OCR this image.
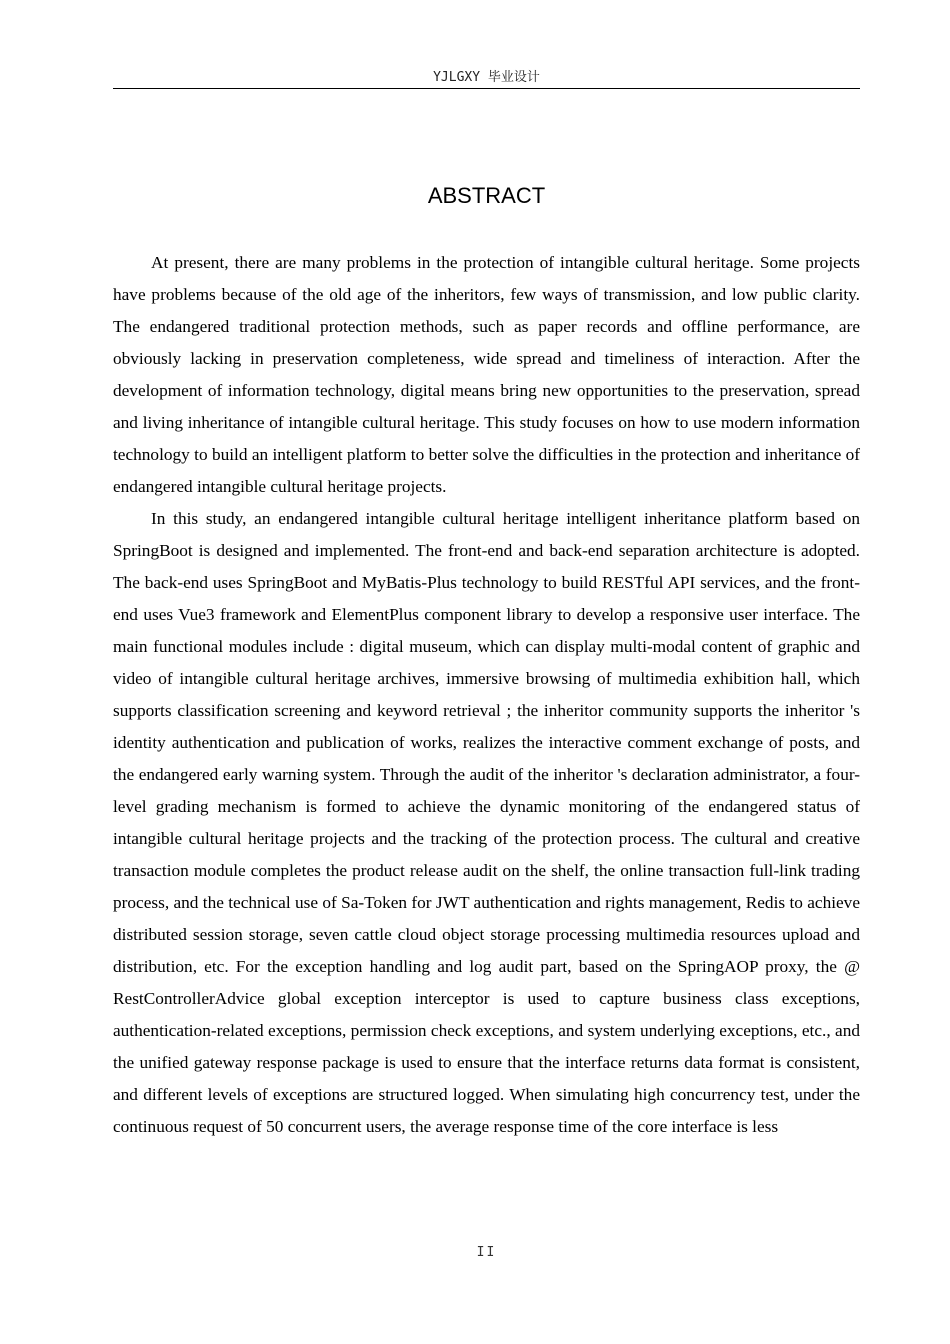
YJLGXY 毕业设计
ABSTRACT

At present, there are many problems in the protection of intangible cultural heritage. Some projects have problems because of the old age of the inheritors, few ways of transmission, and low public clarity. The endangered traditional protection methods, such as paper records and offline performance, are obviously lacking in preservation completeness, wide spread and timeliness of interaction. After the development of information technology, digital means bring new opportunities to the preservation, spread and living inheritance of intangible cultural heritage. This study focuses on how to use modern information technology to build an intelligent platform to better solve the difficulties in the protection and inheritance of endangered intangible cultural heritage projects.

In this study, an endangered intangible cultural heritage intelligent inheritance platform based on SpringBoot is designed and implemented. The front-end and back-end separation architecture is adopted. The back-end uses SpringBoot and MyBatis-Plus technology to build RESTful API services, and the front-end uses Vue3 framework and ElementPlus component library to develop a responsive user interface. The main functional modules include : digital museum, which can display multi-modal content of graphic and video of intangible cultural heritage archives, immersive browsing of multimedia exhibition hall, which supports classification screening and keyword retrieval ; the inheritor community supports the inheritor 's identity authentication and publication of works, realizes the interactive comment exchange of posts, and the endangered early warning system. Through the audit of the inheritor 's declaration administrator, a four-level grading mechanism is formed to achieve the dynamic monitoring of the endangered status of intangible cultural heritage projects and the tracking of the protection process. The cultural and creative transaction module completes the product release audit on the shelf, the online transaction full-link trading process, and the technical use of Sa-Token for JWT authentication and rights management, Redis to achieve distributed session storage, seven cattle cloud object storage processing multimedia resources upload and distribution, etc. For the exception handling and log audit part, based on the SpringAOP proxy, the @ RestControllerAdvice global exception interceptor is used to capture business class exceptions, authentication-related exceptions, permission check exceptions, and system underlying exceptions, etc., and the unified gateway response package is used to ensure that the interface returns data format is consistent, and different levels of exceptions are structured logged. When simulating high concurrency test, under the continuous request of 50 concurrent users, the average response time of the core interface is less

II
